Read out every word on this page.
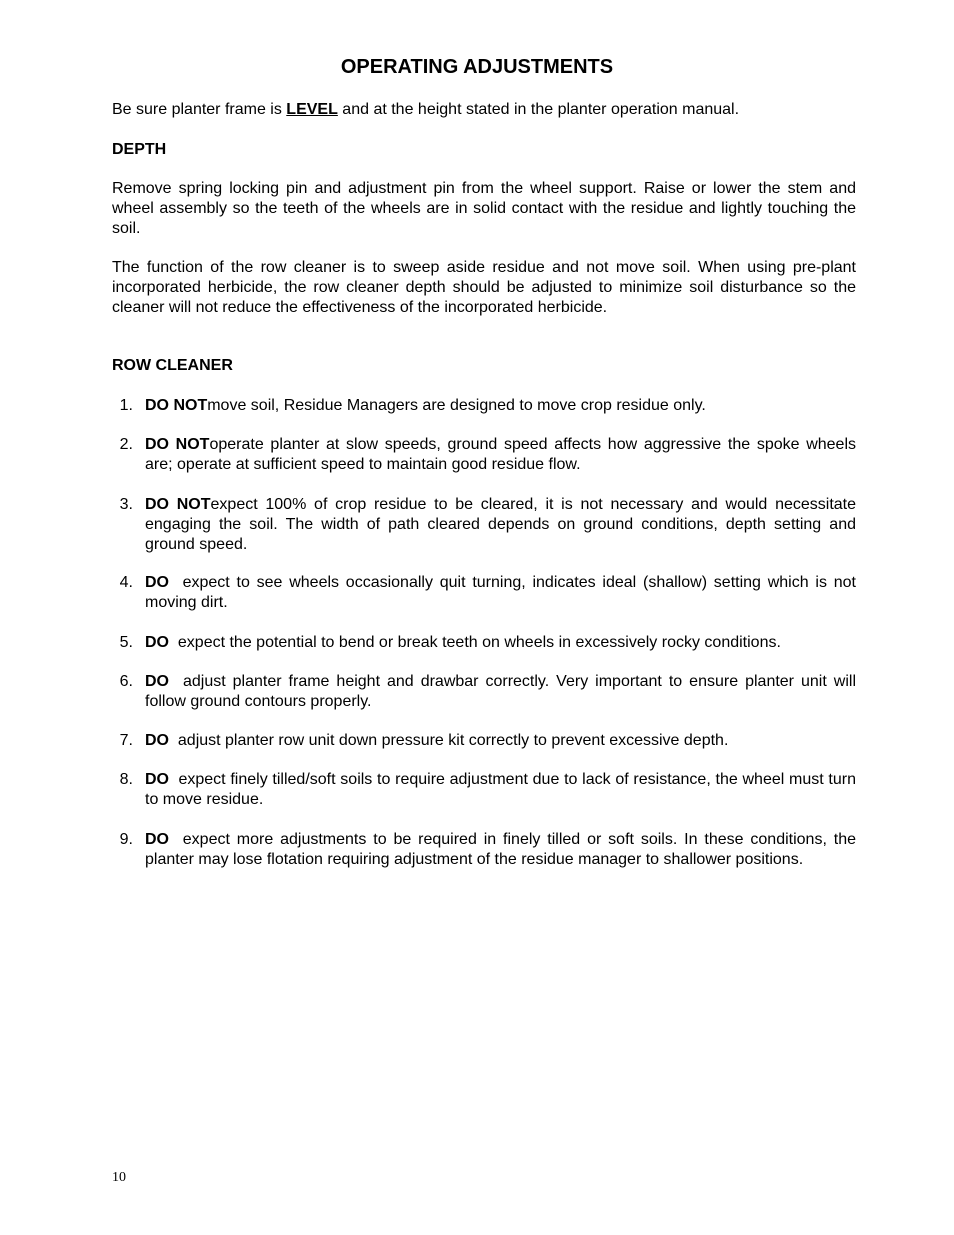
OPERATING ADJUSTMENTS

Be sure planter frame is LEVEL and at the height stated in the planter operation manual.

DEPTH

Remove spring locking pin and adjustment pin from the wheel support. Raise or lower the stem and wheel assembly so the teeth of the wheels are in solid contact with the residue and lightly touching the soil.

The function of the row cleaner is to sweep aside residue and not move soil. When using pre-plant incorporated herbicide, the row cleaner depth should be adjusted to minimize soil disturbance so the cleaner will not reduce the effectiveness of the incorporated herbicide.

ROW CLEANER
1. DO NOTmove soil, Residue Managers are designed to move crop residue only.
2. DO NOToperate planter at slow speeds, ground speed affects how aggressive the spoke wheels are; operate at sufficient speed to maintain good residue flow.
3. DO NOTexpect 100% of crop residue to be cleared, it is not necessary and would necessitate engaging the soil. The width of path cleared depends on ground conditions, depth setting and ground speed.
4. DO expect to see wheels occasionally quit turning, indicates ideal (shallow) setting which is not moving dirt.
5. DO expect the potential to bend or break teeth on wheels in excessively rocky conditions.
6. DO adjust planter frame height and drawbar correctly. Very important to ensure planter unit will follow ground contours properly.
7. DO adjust planter row unit down pressure kit correctly to prevent excessive depth.
8. DO expect finely tilled/soft soils to require adjustment due to lack of resistance, the wheel must turn to move residue.
9. DO expect more adjustments to be required in finely tilled or soft soils. In these conditions, the planter may lose flotation requiring adjustment of the residue manager to shallower positions.
10
